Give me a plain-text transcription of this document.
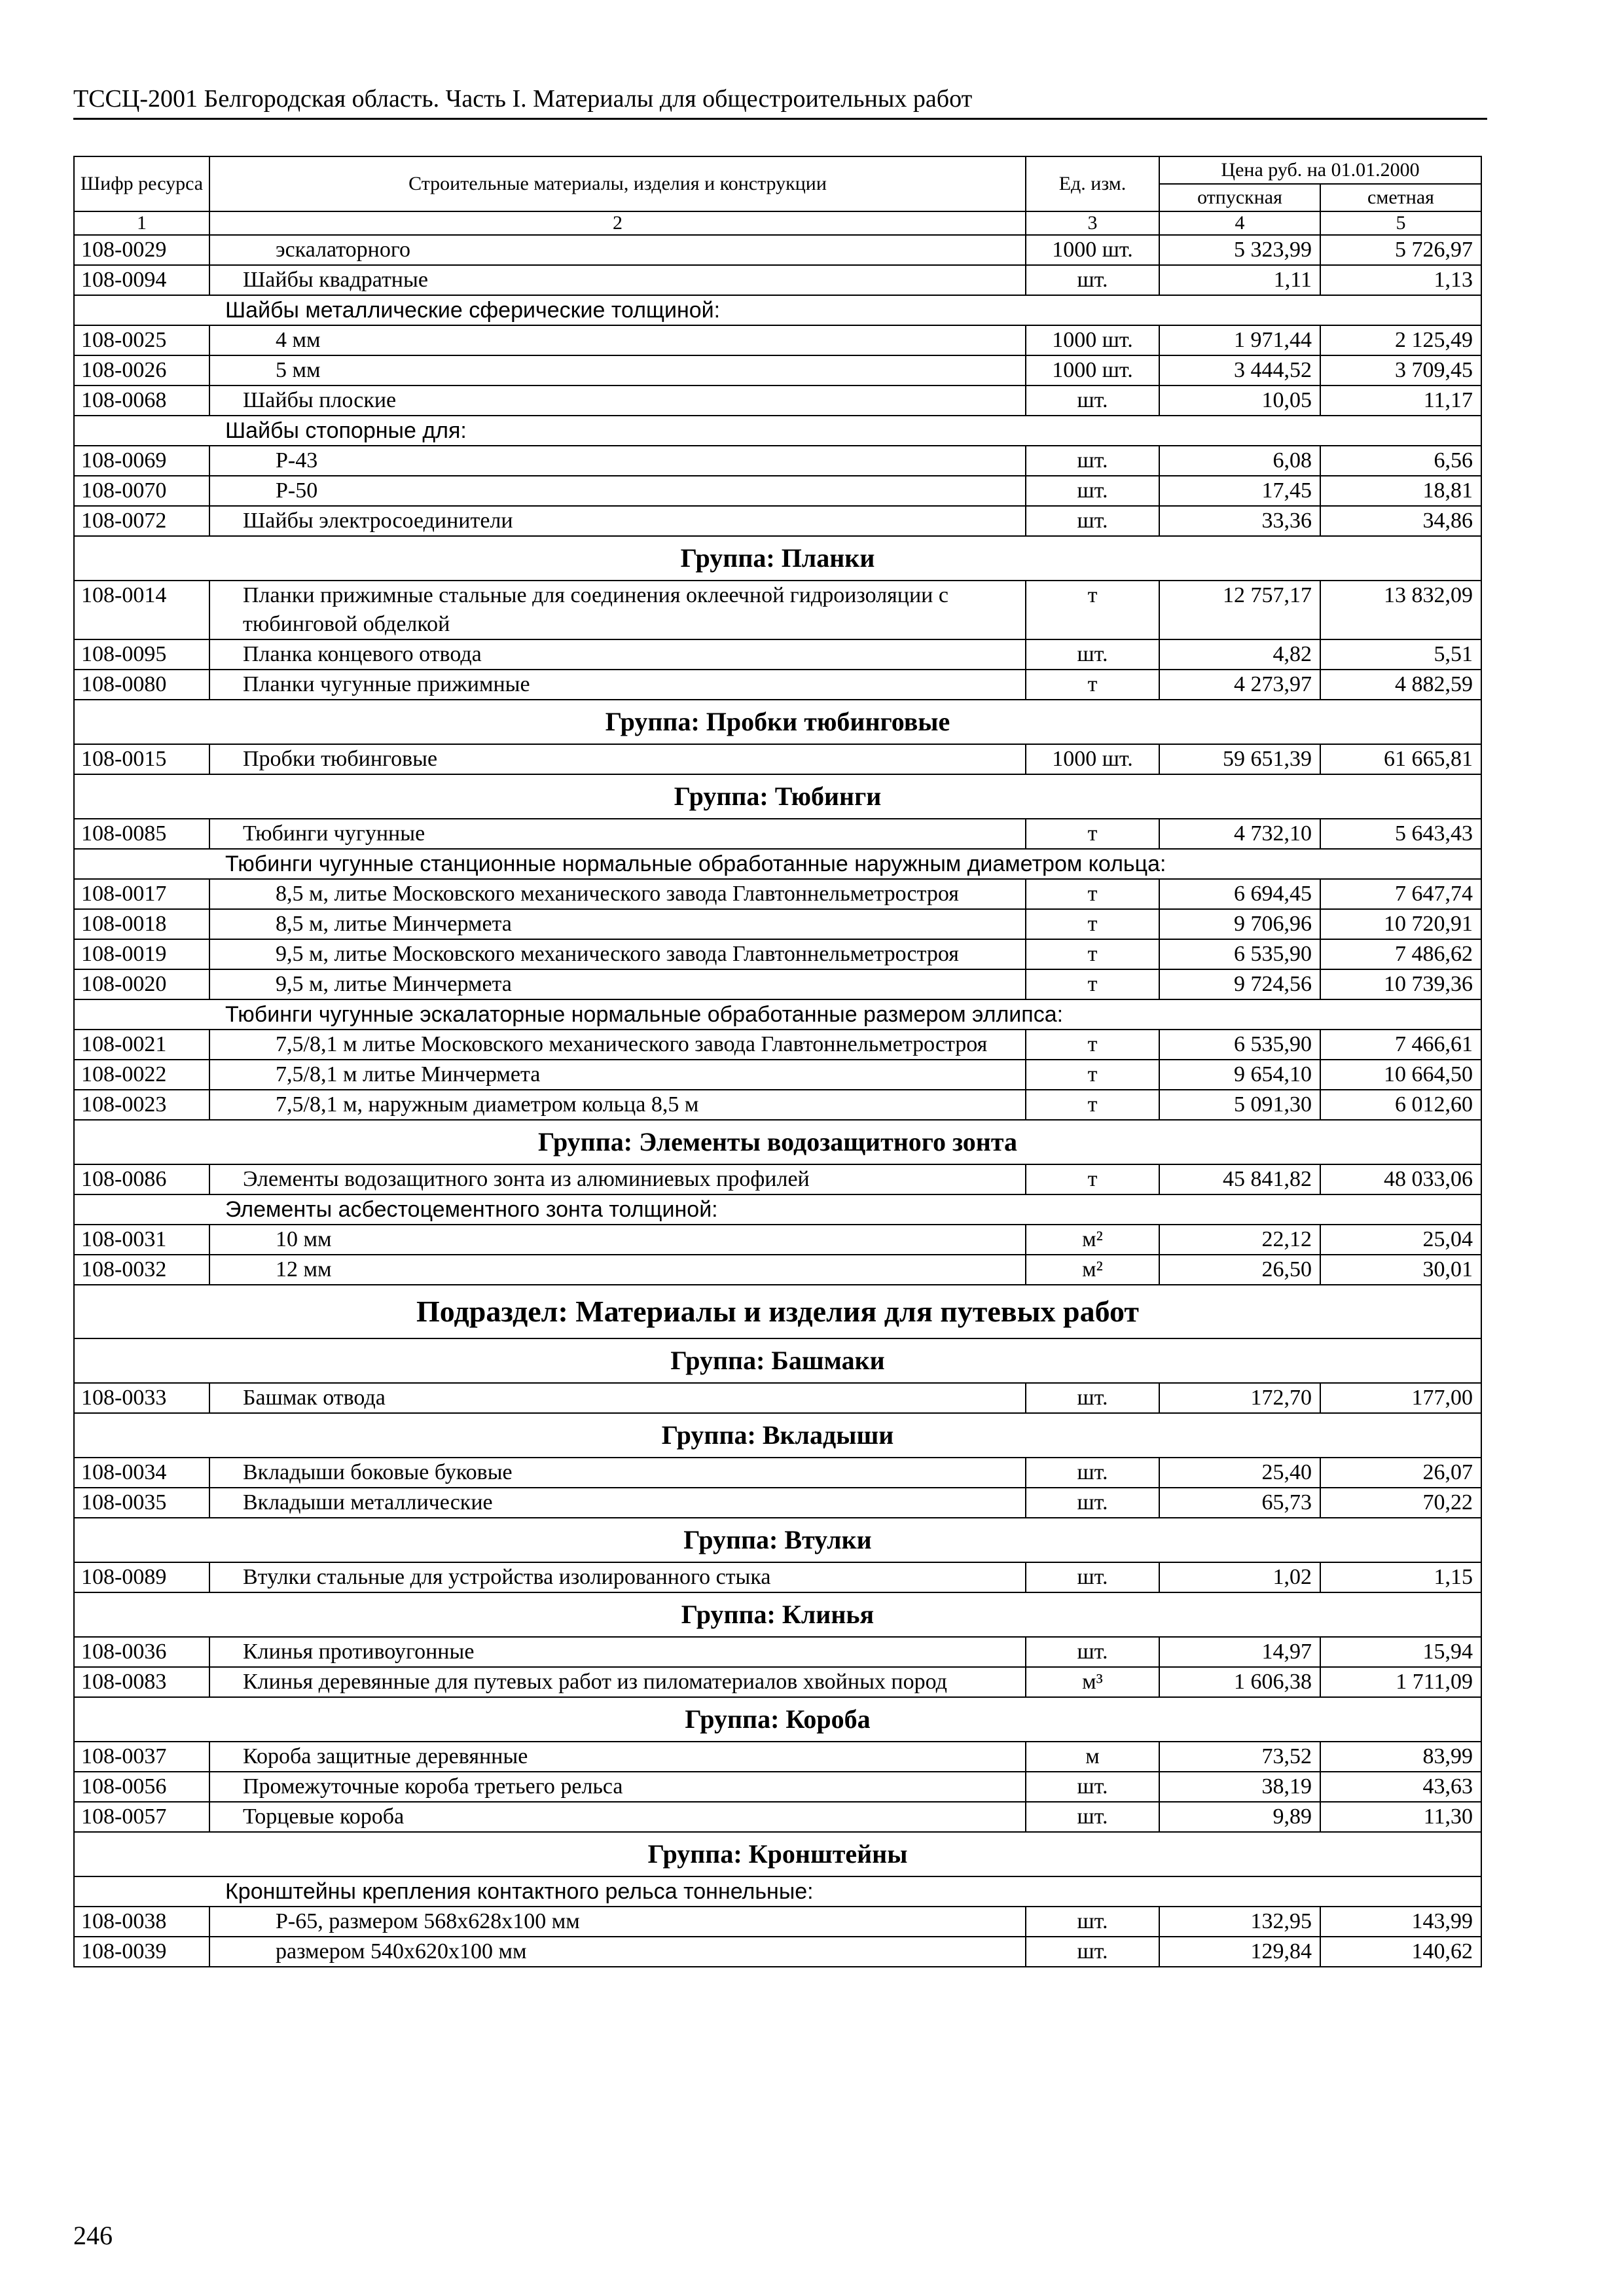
ТССЦ-2001 Белгородская область. Часть I. Материалы для общестроительных работ
Шифр ресурса	Строительные материалы, изделия и конструкции	Ед. изм.	Цена руб. на 01.01.2000	
			отпускная	сметная
1	2	3	4	5
108-0029	эскалаторного	1000 шт.	5 323,99	5 726,97
108-0094	Шайбы квадратные	шт.	1,11	1,13
Шайбы металлические сферические толщиной:				
108-0025	4 мм	1000 шт.	1 971,44	2 125,49
108-0026	5 мм	1000 шт.	3 444,52	3 709,45
108-0068	Шайбы плоские	шт.	10,05	11,17
Шайбы стопорные для:				
108-0069	Р-43	шт.	6,08	6,56
108-0070	Р-50	шт.	17,45	18,81
108-0072	Шайбы электросоединители	шт.	33,36	34,86
Группа: Планки				
108-0014	Планки прижимные стальные для соединения оклеечной гидроизоляции с тюбинговой обделкой	т	12 757,17	13 832,09
108-0095	Планка концевого отвода	шт.	4,82	5,51
108-0080	Планки чугунные прижимные	т	4 273,97	4 882,59
Группа: Пробки тюбинговые				
108-0015	Пробки тюбинговые	1000 шт.	59 651,39	61 665,81
Группа: Тюбинги				
108-0085	Тюбинги чугунные	т	4 732,10	5 643,43
Тюбинги чугунные станционные нормальные обработанные наружным диаметром кольца:				
108-0017	8,5 м, литье Московского механического завода Главтоннельметростроя	т	6 694,45	7 647,74
108-0018	8,5 м, литье Минчермета	т	9 706,96	10 720,91
108-0019	9,5 м, литье Московского механического завода Главтоннельметростроя	т	6 535,90	7 486,62
108-0020	9,5 м, литье Минчермета	т	9 724,56	10 739,36
Тюбинги чугунные эскалаторные нормальные обработанные размером эллипса:				
108-0021	7,5/8,1 м литье Московского механического завода Главтоннельметростроя	т	6 535,90	7 466,61
108-0022	7,5/8,1 м литье Минчермета	т	9 654,10	10 664,50
108-0023	7,5/8,1 м, наружным диаметром кольца 8,5 м	т	5 091,30	6 012,60
Группа: Элементы водозащитного зонта				
108-0086	Элементы водозащитного зонта из алюминиевых профилей	т	45 841,82	48 033,06
Элементы асбестоцементного зонта толщиной:				
108-0031	10 мм	м²	22,12	25,04
108-0032	12 мм	м²	26,50	30,01
Подраздел: Материалы и изделия для путевых работ				
Группа: Башмаки				
108-0033	Башмак отвода	шт.	172,70	177,00
Группа: Вкладыши				
108-0034	Вкладыши боковые буковые	шт.	25,40	26,07
108-0035	Вкладыши металлические	шт.	65,73	70,22
Группа: Втулки				
108-0089	Втулки стальные для устройства изолированного стыка	шт.	1,02	1,15
Группа: Клинья				
108-0036	Клинья противоугонные	шт.	14,97	15,94
108-0083	Клинья деревянные для путевых работ из пиломатериалов хвойных пород	м³	1 606,38	1 711,09
Группа: Короба				
108-0037	Короба защитные деревянные	м	73,52	83,99
108-0056	Промежуточные короба третьего рельса	шт.	38,19	43,63
108-0057	Торцевые короба	шт.	9,89	11,30
Группа: Кронштейны				
Кронштейны крепления контактного рельса тоннельные:				
108-0038	Р-65, размером 568x628x100 мм	шт.	132,95	143,99
108-0039	размером 540x620x100 мм	шт.	129,84	140,62
246
